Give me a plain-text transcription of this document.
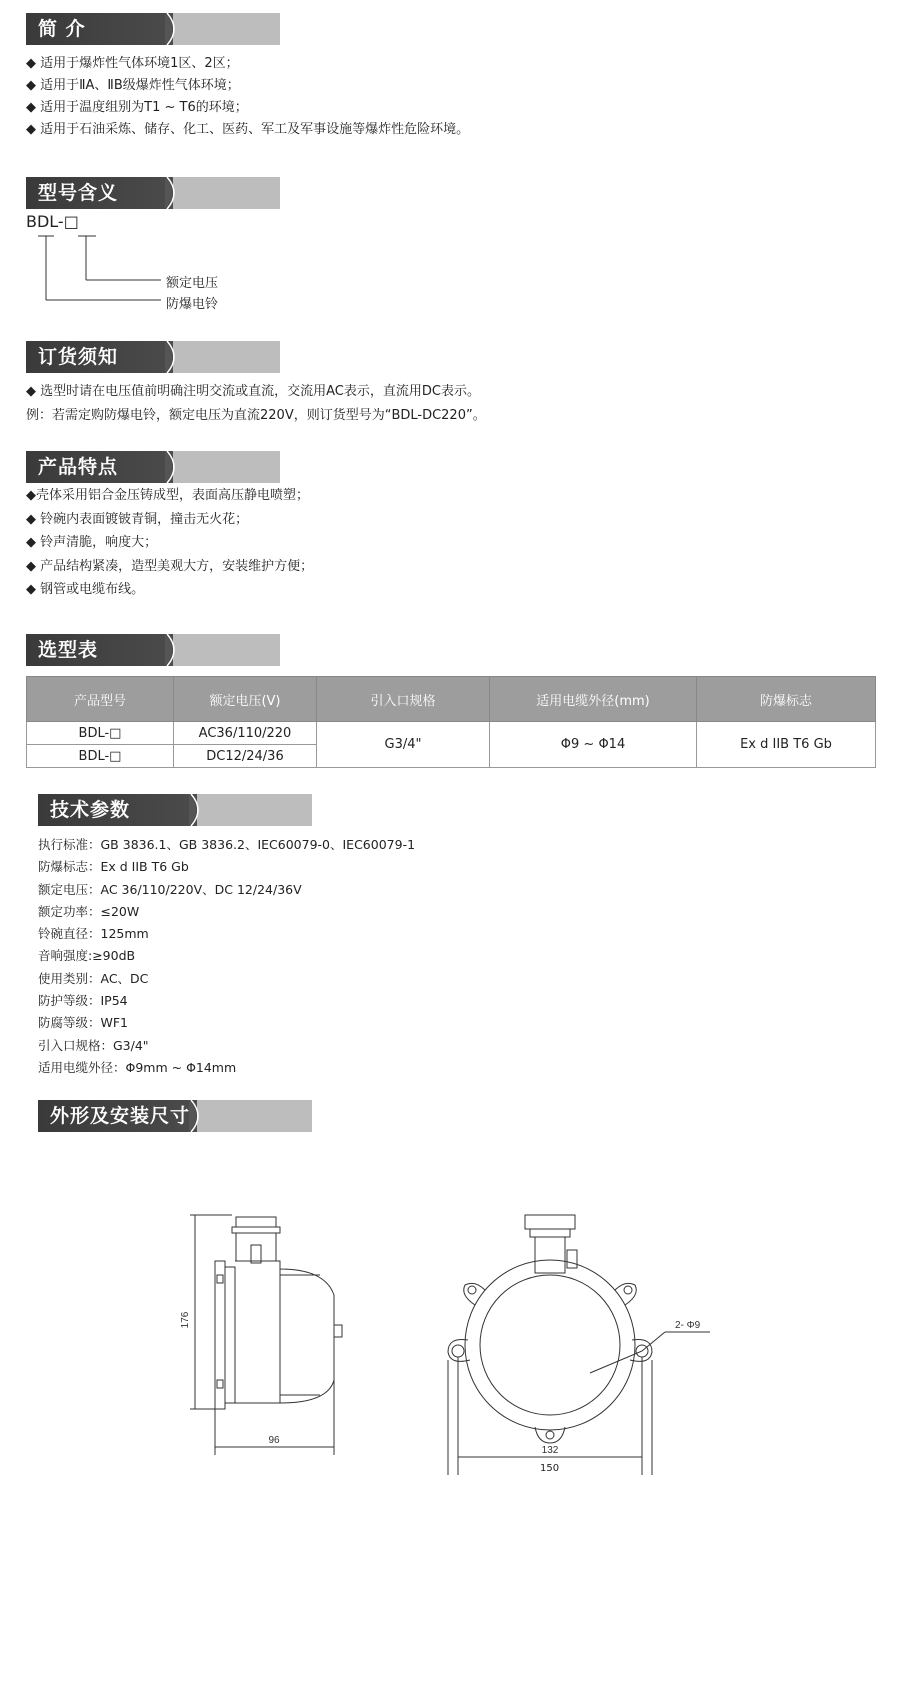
简 介
◆ 适用于爆炸性气体环境1区、2区；
◆ 适用于ⅡA、ⅡB级爆炸性气体环境；
◆ 适用于温度组别为T1 ~ T6的环境；
◆ 适用于石油采炼、储存、化工、医药、军工及军事设施等爆炸性危险环境。
型号含义
BDL-□
额定电压
防爆电铃
订货须知
◆ 选型时请在电压值前明确注明交流或直流，交流用AC表示，直流用DC表示。
例：若需定购防爆电铃，额定电压为直流220V，则订货型号为“BDL-DC220”。
产品特点
◆壳体采用铝合金压铸成型，表面高压静电喷塑；
◆ 铃碗内表面镀铍青铜，撞击无火花；
◆ 铃声清脆，响度大；
◆ 产品结构紧凑，造型美观大方，安装维护方便；
◆ 钢管或电缆布线。
选型表
产品型号	额定电压(V)	引入口规格	适用电缆外径(mm)	防爆标志
BDL-□	AC36/110/220	G3/4"	Φ9 ~ Φ14	Ex d IIB T6 Gb
BDL-□	DC12/24/36			
技术参数
执行标准：GB 3836.1、GB 3836.2、IEC60079-0、IEC60079-1
防爆标志：Ex d IIB T6 Gb
额定电压：AC 36/110/220V、DC 12/24/36V
额定功率：≤20W
铃碗直径：125mm
音响强度:≥90dB
使用类别：AC、DC
防护等级：IP54
防腐等级：WF1
引入口规格：G3/4"
适用电缆外径：Φ9mm ~ Φ14mm
外形及安装尺寸
176
96
2- Φ9
132
150
